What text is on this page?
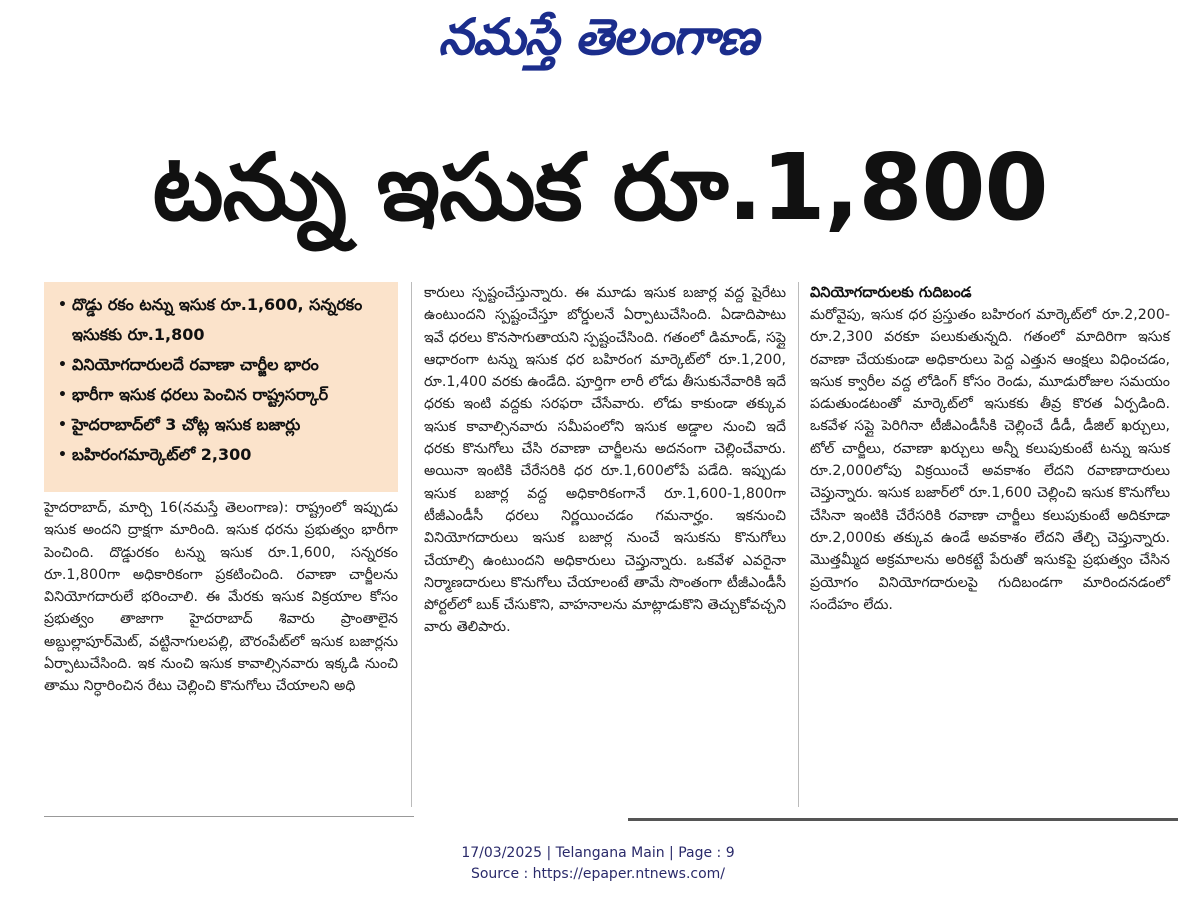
నమస్తే తెలంగాణ
టన్ను ఇసుక రూ.1,800
• దొడ్డు రకం టన్ను ఇసుక రూ.1,600, సన్నరకం ఇసుకకు రూ.1,800
• వినియోగదారులదే రవాణా చార్జీల భారం
• భారీగా ఇసుక ధరలు పెంచిన రాష్ట్రసర్కార్
• హైదరాబాద్‌లో 3 చోట్ల ఇసుక బజార్లు
• బహిరంగమార్కెట్‌లో 2,300

హైదరాబాద్, మార్చి 16(నమస్తే తెలంగాణ): రాష్ట్రంలో ఇప్పుడు ఇసుక అందని ద్రాక్షగా మారింది. ఇసుక ధరను ప్రభుత్వం భారీగా పెంచింది. దొడ్డురకం టన్ను ఇసుక రూ.1,600, సన్నరకం రూ.1,800గా అధికారికంగా ప్రకటించింది. రవాణా చార్జీలను వినియోగదారులే భరించాలి. ఈ మేరకు ఇసుక విక్రయాల కోసం ప్రభుత్వం తాజాగా హైదరాబాద్ శివారు ప్రాంతాలైన అబ్దుల్లాపూర్‌మెట్, వట్టినాగులపల్లి, బౌరంపేట్‌లో ఇసుక బజార్లను ఏర్పాటుచేసింది. ఇక నుంచి ఇసుక కావాల్సినవారు ఇక్కడి నుంచి తాము నిర్ధారించిన రేటు చెల్లించి కొనుగోలు చేయాలని అధి

కారులు స్పష్టంచేస్తున్నారు. ఈ మూడు ఇసుక బజార్ల వద్ద షైరేటు ఉంటుందని స్పష్టంచేస్తూ బోర్డులనే ఏర్పాటుచేసింది. ఏడాదిపాటు ఇవే ధరలు కొనసాగుతాయని స్పష్టంచేసింది. గతంలో డిమాండ్, సప్లై ఆధారంగా టన్ను ఇసుక ధర బహిరంగ మార్కెట్‌లో రూ.1,200, రూ.1,400 వరకు ఉండేది. పూర్తిగా లారీ లోడు తీసుకునేవారికి ఇదే ధరకు ఇంటి వద్దకు సరఫరా చేసేవారు. లోడు కాకుండా తక్కువ ఇసుక కావాల్సినవారు సమీపంలోని ఇసుక అడ్డాల నుంచి ఇదే ధరకు కొనుగోలు చేసి రవాణా చార్జీలను అదనంగా చెల్లించేవారు. అయినా ఇంటికి చేరేసరికి ధర రూ.1,600లోపే పడేది. ఇప్పుడు ఇసుక బజార్ల వద్ద అధికారికంగానే రూ.1,600-1,800గా టీజీఎండీసీ ధరలు నిర్ణయించడం గమనార్హం. ఇకనుంచి వినియోగదారులు ఇసుక బజార్ల నుంచే ఇసుకను కొనుగోలు చేయాల్సి ఉంటుందని అధికారులు చెప్తున్నారు. ఒకవేళ ఎవరైనా నిర్మాణదారులు కొనుగోలు చేయాలంటే తామే సొంతంగా టీజీఎండీసీ పోర్టల్‌లో బుక్ చేసుకొని, వాహనాలను మాట్లాడుకొని తెచ్చుకోవచ్చని వారు తెలిపారు.

వినియోగదారులకు గుదిబండ

మరోవైపు, ఇసుక ధర ప్రస్తుతం బహిరంగ మార్కెట్‌లో రూ.2,200-రూ.2,300 వరకూ పలుకుతున్నది. గతంలో మాదిరిగా ఇసుక రవాణా చేయకుండా అధికారులు పెద్ద ఎత్తున ఆంక్షలు విధించడం, ఇసుక క్వారీల వద్ద లోడింగ్ కోసం రెండు, మూడురోజుల సమయం పడుతుండటంతో మార్కెట్‌లో ఇసుకకు తీవ్ర కొరత ఏర్పడింది. ఒకవేళ సప్లై పెరిగినా టీజీఎండీసీకి చెల్లించే డీడీ, డీజిల్ ఖర్చులు, టోల్ చార్జీలు, రవాణా ఖర్చులు అన్నీ కలుపుకుంటే టన్ను ఇసుక రూ.2,000లోపు విక్రయించే అవకాశం లేదని రవాణాదారులు చెప్తున్నారు. ఇసుక బజార్‌లో రూ.1,600 చెల్లించి ఇసుక కొనుగోలు చేసినా ఇంటికి చేరేసరికి రవాణా చార్జీలు కలుపుకుంటే అదికూడా రూ.2,000కు తక్కువ ఉండే అవకాశం లేదని తేల్చి చెప్తున్నారు. మొత్తమ్మీద అక్రమాలను అరికట్టే పేరుతో ఇసుకపై ప్రభుత్వం చేసిన ప్రయోగం వినియోగదారులపై గుదిబండగా మారిందనడంలో సందేహం లేదు.

17/03/2025 | Telangana Main | Page : 9
Source : https://epaper.ntnews.com/
